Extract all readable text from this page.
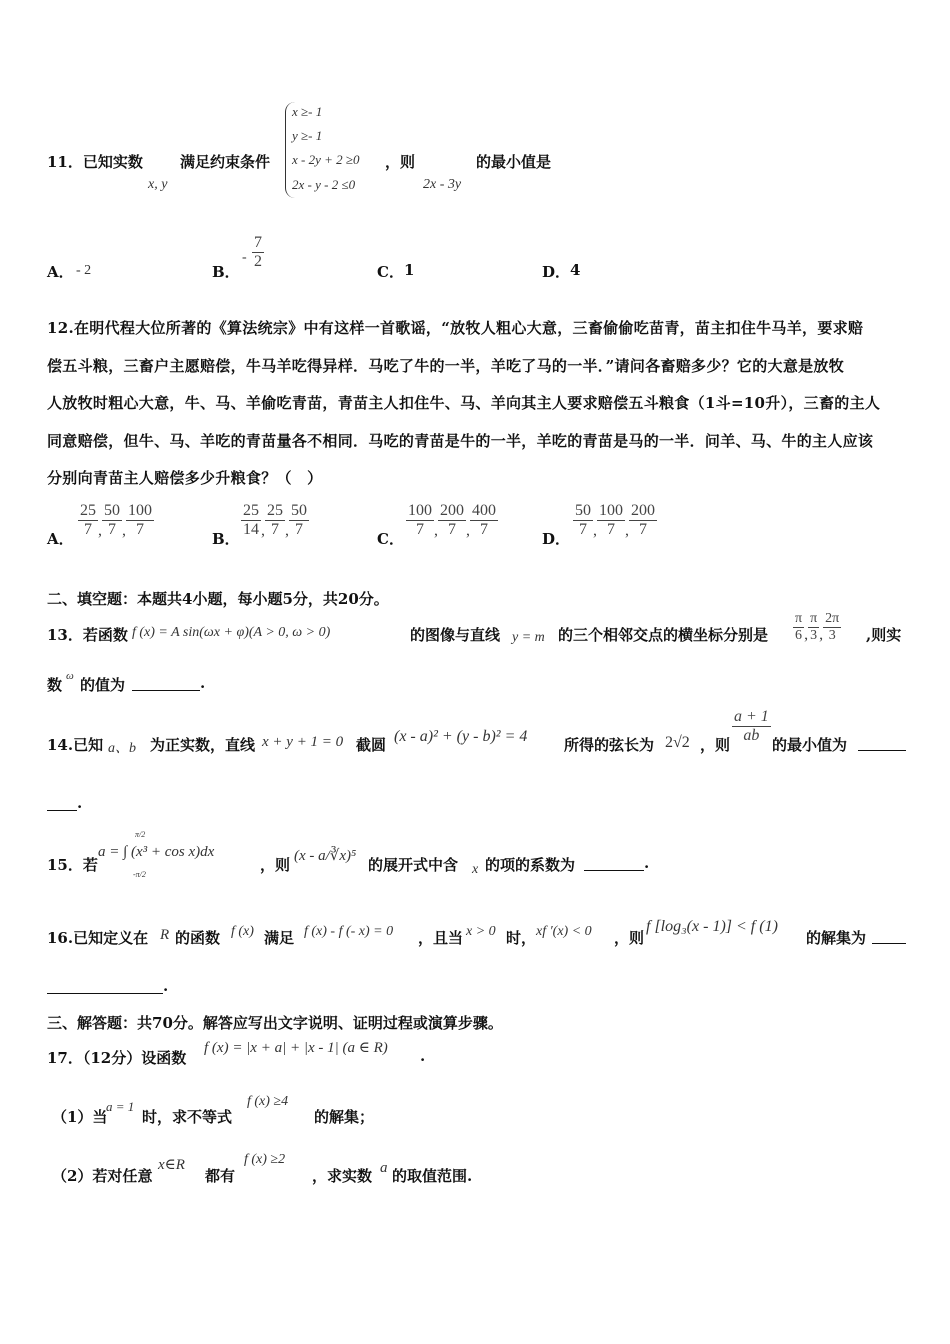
11．已知实数
x, y
满足约束条件
x ≥- 1
y ≥- 1
x - 2y + 2 ≥0
2x - y - 2 ≤0
，则
2x - 3y
的最小值是
A． - 2	B．
- $\frac{7}{2}$
C． 1	D． 4
12.在明代程大位所著的《算法统宗》中有这样一首歌谣，“放牧人粗心大意，三畜偷偷吃苗青，苗主扣住牛马羊，要求赔
偿五斗粮，三畜户主愿赔偿，牛马羊吃得异样．马吃了牛的一半，羊吃了马的一半．”请问各畜赔多少？它的大意是放牧
人放牧时粗心大意，牛、马、羊偷吃青苗，青苗主人扣住牛、马、羊向其主人要求赔偿五斗粮食（1斗=10升），三畜的主人
同意赔偿，但牛、马、羊吃的青苗量各不相同．马吃的青苗是牛的一半，羊吃的青苗是马的一半．问羊、马、牛的主人应该
分别向青苗主人赔偿多少升粮食？（　）
A． $\frac{25}{7}$ , $\frac{50}{7}$ , $\frac{100}{7}$	B． $\frac{25}{14}$ , $\frac{25}{7}$ , $\frac{50}{7}$	C． $\frac{100}{7}$ , $\frac{200}{7}$ , $\frac{400}{7}$	D． $\frac{50}{7}$ , $\frac{100}{7}$ , $\frac{200}{7}$
二、填空题：本题共4小题，每小题5分，共20分。
13．若函数 f (x) = A sin(ωx + φ)(A > 0, ω > 0)	的图像与直线 y = m 的三个相邻交点的横坐标分别是 $\frac{\pi}{6}$ , $\frac{\pi}{3}$ , $\frac{2\pi}{3}$ ,则实
数 ω 的值为	.
14.已知 a、b 为正实数，直线 x + y + 1 = 0 截圆 (x - a)² + (y - b)² = 4 所得的弦长为 2√2 ，则 $\frac{a + 1}{ab}$ 的最小值为
.
15．若
π/2
a = ∫ (x³ + cos x)dx
-π/2
，则 (x - a/∛x)⁵ 的展开式中含 x 的项的系数为	.
16.已知定义在 R 的函数 f (x) 满足 f (x) - f (- x) = 0 ，且当 x > 0 时， xf ′(x) < 0 ，则
f [log₃(x - 1)] < f (1)
的解集为
.
三、解答题：共70分。解答应写出文字说明、证明过程或演算步骤。
17．（12分）设函数
f (x) = |x + a| + |x - 1| (a ∈ R) .
（1）当
a = 1
时，求不等式
f (x) ≥4
的解集；
（2）若对任意
x∈R
都有
f (x) ≥2
，求实数 a 的取值范围.
